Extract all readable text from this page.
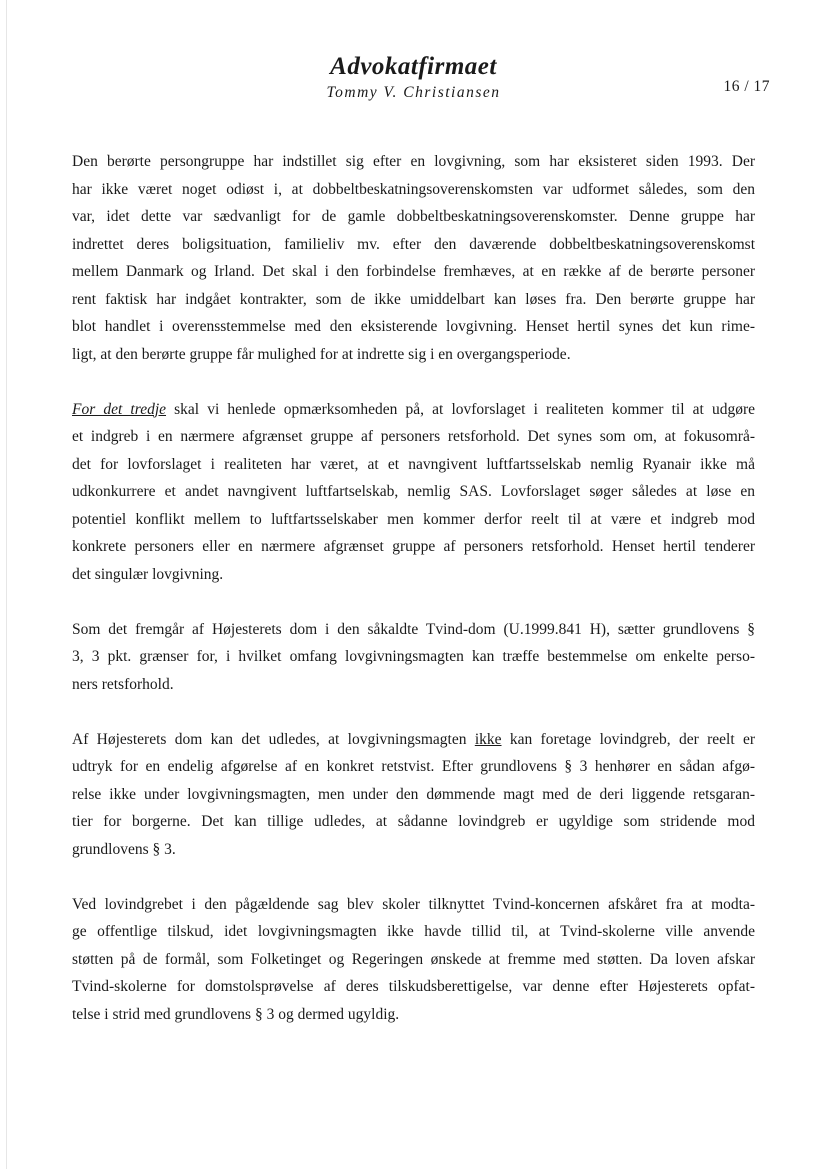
Advokatfirmaet
Tommy V. Christiansen	16 / 17
Den berørte persongruppe har indstillet sig efter en lovgivning, som har eksisteret siden 1993. Der
har ikke været noget odiøst i, at dobbeltbeskatningsoverenskomsten var udformet således, som den
var, idet dette var sædvanligt for de gamle dobbeltbeskatningsoverenskomster. Denne gruppe har
indrettet deres boligsituation, familieliv mv. efter den daværende dobbeltbeskatningsoverenskomst
mellem Danmark og Irland. Det skal i den forbindelse fremhæves, at en række af de berørte personer
rent faktisk har indgået kontrakter, som de ikke umiddelbart kan løses fra. Den berørte gruppe har
blot handlet i overensstemmelse med den eksisterende lovgivning. Henset hertil synes det kun rime-
ligt, at den berørte gruppe får mulighed for at indrette sig i en overgangsperiode.
For det tredje skal vi henlede opmærksomheden på, at lovforslaget i realiteten kommer til at udgøre
et indgreb i en nærmere afgrænset gruppe af personers retsforhold. Det synes som om, at fokusområ-
det for lovforslaget i realiteten har været, at et navngivent luftfartsselskab nemlig Ryanair ikke må
udkonkurrere et andet navngivent luftfartselskab, nemlig SAS. Lovforslaget søger således at løse en
potentiel konflikt mellem to luftfartsselskaber men kommer derfor reelt til at være et indgreb mod
konkrete personers eller en nærmere afgrænset gruppe af personers retsforhold. Henset hertil tenderer
det singulær lovgivning.
Som det fremgår af Højesterets dom i den såkaldte Tvind-dom (U.1999.841 H), sætter grundlovens §
3, 3 pkt. grænser for, i hvilket omfang lovgivningsmagten kan træffe bestemmelse om enkelte perso-
ners retsforhold.
Af Højesterets dom kan det udledes, at lovgivningsmagten ikke kan foretage lovindgreb, der reelt er
udtryk for en endelig afgørelse af en konkret retstvist. Efter grundlovens § 3 henhører en sådan afgø-
relse ikke under lovgivningsmagten, men under den dømmende magt med de deri liggende retsgaran-
tier for borgerne. Det kan tillige udledes, at sådanne lovindgreb er ugyldige som stridende mod
grundlovens § 3.
Ved lovindgrebet i den pågældende sag blev skoler tilknyttet Tvind-koncernen afskåret fra at modta-
ge offentlige tilskud, idet lovgivningsmagten ikke havde tillid til, at Tvind-skolerne ville anvende
støtten på de formål, som Folketinget og Regeringen ønskede at fremme med støtten. Da loven afskar
Tvind-skolerne for domstolsprøvelse af deres tilskudsberettigelse, var denne efter Højesterets opfat-
telse i strid med grundlovens § 3 og dermed ugyldig.
